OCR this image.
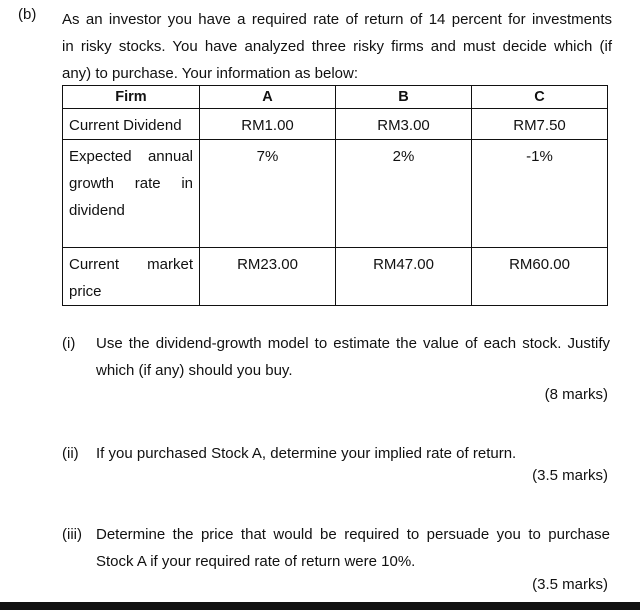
(b) As an investor you have a required rate of return of 14 percent for investments
in risky stocks. You have analyzed three risky firms and must decide which (if
any) to purchase. Your information as below:
Firm	A	B	C
Current Dividend	RM1.00	RM3.00	RM7.50

Expected annual
growth rate in
dividend	7%	2%	-1%

Current market
price	RM23.00	RM47.00	RM60.00
(i) Use the dividend-growth model to estimate the value of each stock. Justify
which (if any) should you buy.
(8 marks)
(ii) If you purchased Stock A, determine your implied rate of return.
(3.5 marks)
(iii) Determine the price that would be required to persuade you to purchase
Stock A if your required rate of return were 10%.
(3.5 marks)
